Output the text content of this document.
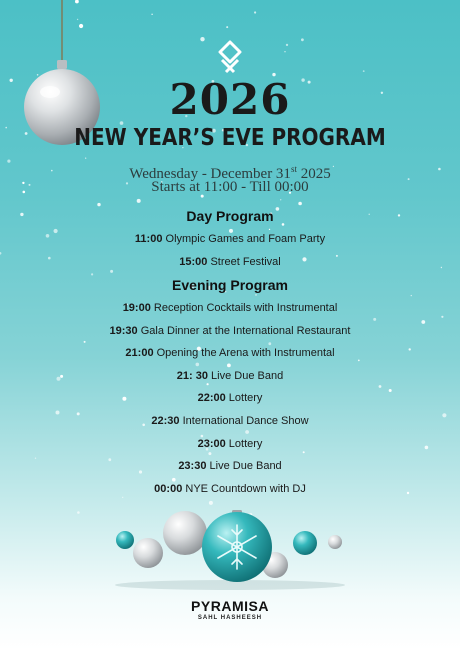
2026
NEW YEAR’S EVE PROGRAM
Wednesday - December 31st 2025
Starts at 11:00 - Till 00:00
Day Program
11:00 Olympic Games and Foam Party
15:00 Street Festival
Evening Program
19:00 Reception Cocktails with Instrumental
19:30 Gala Dinner at the International Restaurant
21:00 Opening the Arena with Instrumental
21: 30 Live Due Band
22:00 Lottery
22:30 International Dance Show
23:00 Lottery
23:30 Live Due Band
00:00 NYE Countdown with DJ
PYRAMISA
SAHL HASHEESH
